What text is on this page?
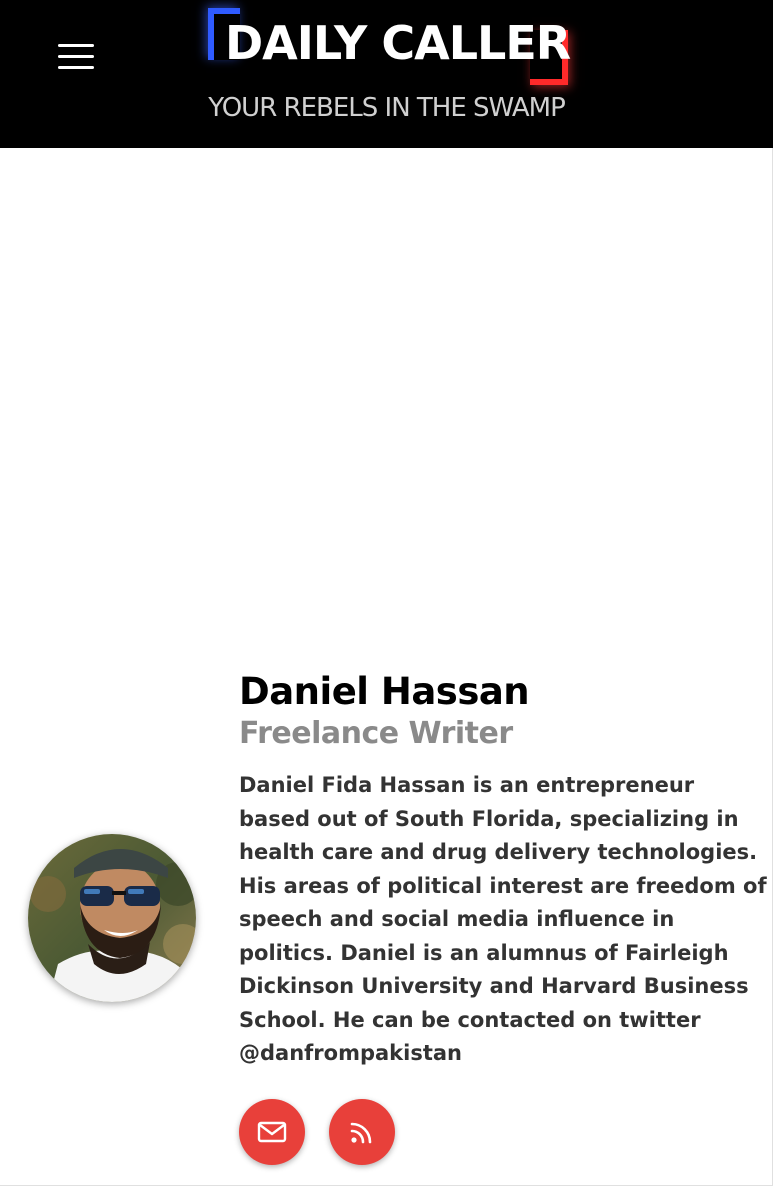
DAILY CALLER
YOUR REBELS IN THE SWAMP
Daniel Hassan
Freelance Writer
Daniel Fida Hassan is an entrepreneur
based out of South Florida, specializing in
health care and drug delivery technologies.
His areas of political interest are freedom of
speech and social media influence in
politics. Daniel is an alumnus of Fairleigh
Dickinson University and Harvard Business
School. He can be contacted on twitter
@danfrompakistan
